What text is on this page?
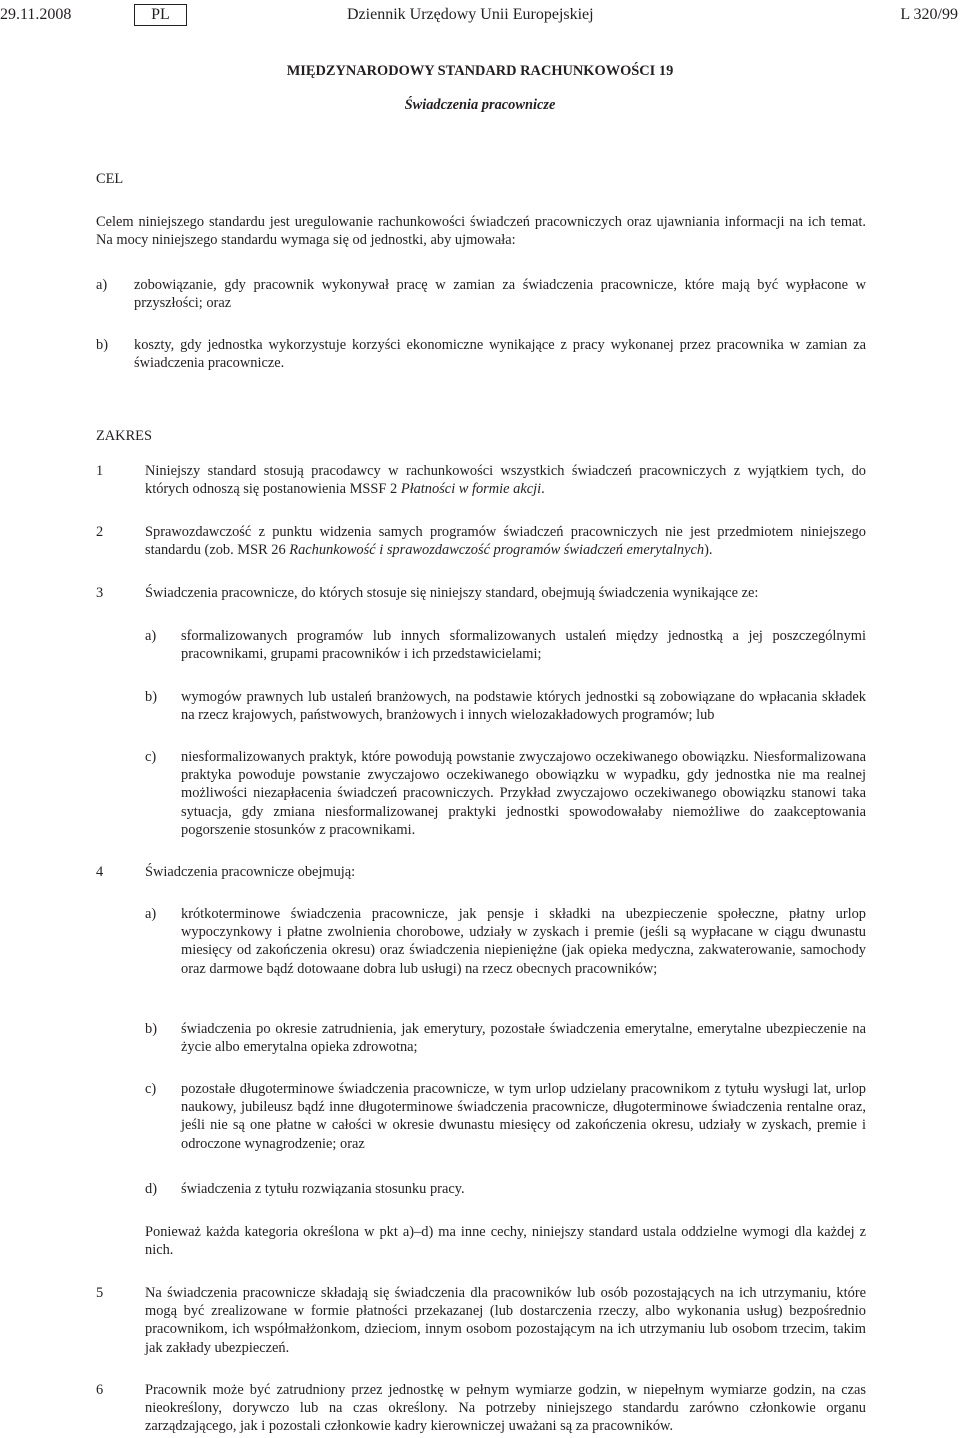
29.11.2008	PL	Dziennik Urzędowy Unii Europejskiej	L 320/99
MIĘDZYNARODOWY STANDARD RACHUNKOWOŚCI 19
Świadczenia pracownicze
CEL
Celem niniejszego standardu jest uregulowanie rachunkowości świadczeń pracowniczych oraz ujawniania informacji na ich temat. Na mocy niniejszego standardu wymaga się od jednostki, aby ujmowała:
a) zobowiązanie, gdy pracownik wykonywał pracę w zamian za świadczenia pracownicze, które mają być wypłacone w przyszłości; oraz
b) koszty, gdy jednostka wykorzystuje korzyści ekonomiczne wynikające z pracy wykonanej przez pracownika w zamian za świadczenia pracownicze.
ZAKRES
1	Niniejszy standard stosują pracodawcy w rachunkowości wszystkich świadczeń pracowniczych z wyjątkiem tych, do których odnoszą się postanowienia MSSF 2 Płatności w formie akcji.
2	Sprawozdawczość z punktu widzenia samych programów świadczeń pracowniczych nie jest przedmiotem niniejszego standardu (zob. MSR 26 Rachunkowość i sprawozdawczość programów świadczeń emerytalnych).
3	Świadczenia pracownicze, do których stosuje się niniejszy standard, obejmują świadczenia wynikające ze:
a) sformalizowanych programów lub innych sformalizowanych ustaleń między jednostką a jej poszczególnymi pracownikami, grupami pracowników i ich przedstawicielami;
b) wymogów prawnych lub ustaleń branżowych, na podstawie których jednostki są zobowiązane do wpłacania składek na rzecz krajowych, państwowych, branżowych i innych wielozakładowych programów; lub
c) niesformalizowanych praktyk, które powodują powstanie zwyczajowo oczekiwanego obowiązku. Niesformalizowana praktyka powoduje powstanie zwyczajowo oczekiwanego obowiązku w wypadku, gdy jednostka nie ma realnej możliwości niezapłacenia świadczeń pracowniczych. Przykład zwyczajowo oczekiwanego obowiązku stanowi taka sytuacja, gdy zmiana niesformalizowanej praktyki jednostki spowodowałaby niemożliwe do zaakceptowania pogorszenie stosunków z pracownikami.
4	Świadczenia pracownicze obejmują:
a) krótkoterminowe świadczenia pracownicze, jak pensje i składki na ubezpieczenie społeczne, płatny urlop wypoczynkowy i płatne zwolnienia chorobowe, udziały w zyskach i premie (jeśli są wypłacane w ciągu dwunastu miesięcy od zakończenia okresu) oraz świadczenia niepieniężne (jak opieka medyczna, zakwaterowanie, samochody oraz darmowe bądź dotowaane dobra lub usługi) na rzecz obecnych pracowników;
b) świadczenia po okresie zatrudnienia, jak emerytury, pozostałe świadczenia emerytalne, emerytalne ubezpieczenie na życie albo emerytalna opieka zdrowotna;
c) pozostałe długoterminowe świadczenia pracownicze, w tym urlop udzielany pracownikom z tytułu wysługi lat, urlop naukowy, jubileusz bądź inne długoterminowe świadczenia pracownicze, długoterminowe świadczenia rentalne oraz, jeśli nie są one płatne w całości w okresie dwunastu miesięcy od zakończenia okresu, udziały w zyskach, premie i odroczone wynagrodzenie; oraz
d) świadczenia z tytułu rozwiązania stosunku pracy.
Ponieważ każda kategoria określona w pkt a)–d) ma inne cechy, niniejszy standard ustala oddzielne wymogi dla każdej z nich.
5	Na świadczenia pracownicze składają się świadczenia dla pracowników lub osób pozostających na ich utrzymaniu, które mogą być zrealizowane w formie płatności przekazanej (lub dostarczenia rzeczy, albo wykonania usług) bezpośrednio pracownikom, ich współmałżonkom, dzieciom, innym osobom pozostającym na ich utrzymaniu lub osobom trzecim, takim jak zakłady ubezpieczeń.
6	Pracownik może być zatrudniony przez jednostkę w pełnym wymiarze godzin, w niepełnym wymiarze godzin, na czas nieokreślony, dorywczo lub na czas określony. Na potrzeby niniejszego standardu zarówno członkowie organu zarządzającego, jak i pozostali członkowie kadry kierowniczej uważani są za pracowników.
